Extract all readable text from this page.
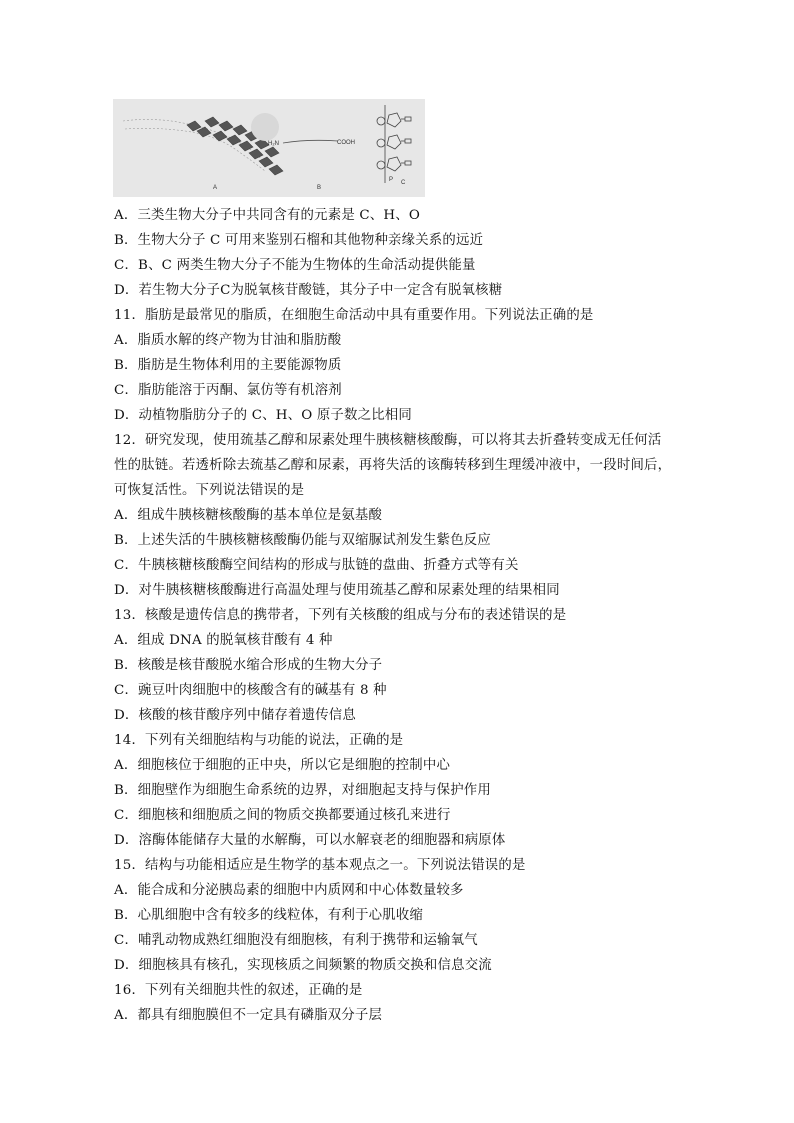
A
H₂N	COOH
B
P C
A．三类生物大分子中共同含有的元素是 C、H、O
B．生物大分子 C 可用来鉴别石榴和其他物种亲缘关系的远近
C．B、C 两类生物大分子不能为生物体的生命活动提供能量
D．若生物大分子C为脱氧核苷酸链，其分子中一定含有脱氧核糖
11．脂肪是最常见的脂质，在细胞生命活动中具有重要作用。下列说法正确的是
A．脂质水解的终产物为甘油和脂肪酸
B．脂肪是生物体利用的主要能源物质
C．脂肪能溶于丙酮、氯仿等有机溶剂
D．动植物脂肪分子的 C、H、O 原子数之比相同
12．研究发现，使用巯基乙醇和尿素处理牛胰核糖核酸酶，可以将其去折叠转变成无任何活
性的肽链。若透析除去巯基乙醇和尿素，再将失活的该酶转移到生理缓冲液中，一段时间后，
可恢复活性。下列说法错误的是
A．组成牛胰核糖核酸酶的基本单位是氨基酸
B．上述失活的牛胰核糖核酸酶仍能与双缩脲试剂发生紫色反应
C．牛胰核糖核酸酶空间结构的形成与肽链的盘曲、折叠方式等有关
D．对牛胰核糖核酸酶进行高温处理与使用巯基乙醇和尿素处理的结果相同
13．核酸是遗传信息的携带者，下列有关核酸的组成与分布的表述错误的是
A．组成 DNA 的脱氧核苷酸有 4 种
B．核酸是核苷酸脱水缩合形成的生物大分子
C．豌豆叶肉细胞中的核酸含有的碱基有 8 种
D．核酸的核苷酸序列中储存着遗传信息
14．下列有关细胞结构与功能的说法，正确的是
A．细胞核位于细胞的正中央，所以它是细胞的控制中心
B．细胞壁作为细胞生命系统的边界，对细胞起支持与保护作用
C．细胞核和细胞质之间的物质交换都要通过核孔来进行
D．溶酶体能储存大量的水解酶，可以水解衰老的细胞器和病原体
15．结构与功能相适应是生物学的基本观点之一。下列说法错误的是
A．能合成和分泌胰岛素的细胞中内质网和中心体数量较多
B．心肌细胞中含有较多的线粒体，有利于心肌收缩
C．哺乳动物成熟红细胞没有细胞核，有利于携带和运输氧气
D．细胞核具有核孔，实现核质之间频繁的物质交换和信息交流
16．下列有关细胞共性的叙述，正确的是
A．都具有细胞膜但不一定具有磷脂双分子层
